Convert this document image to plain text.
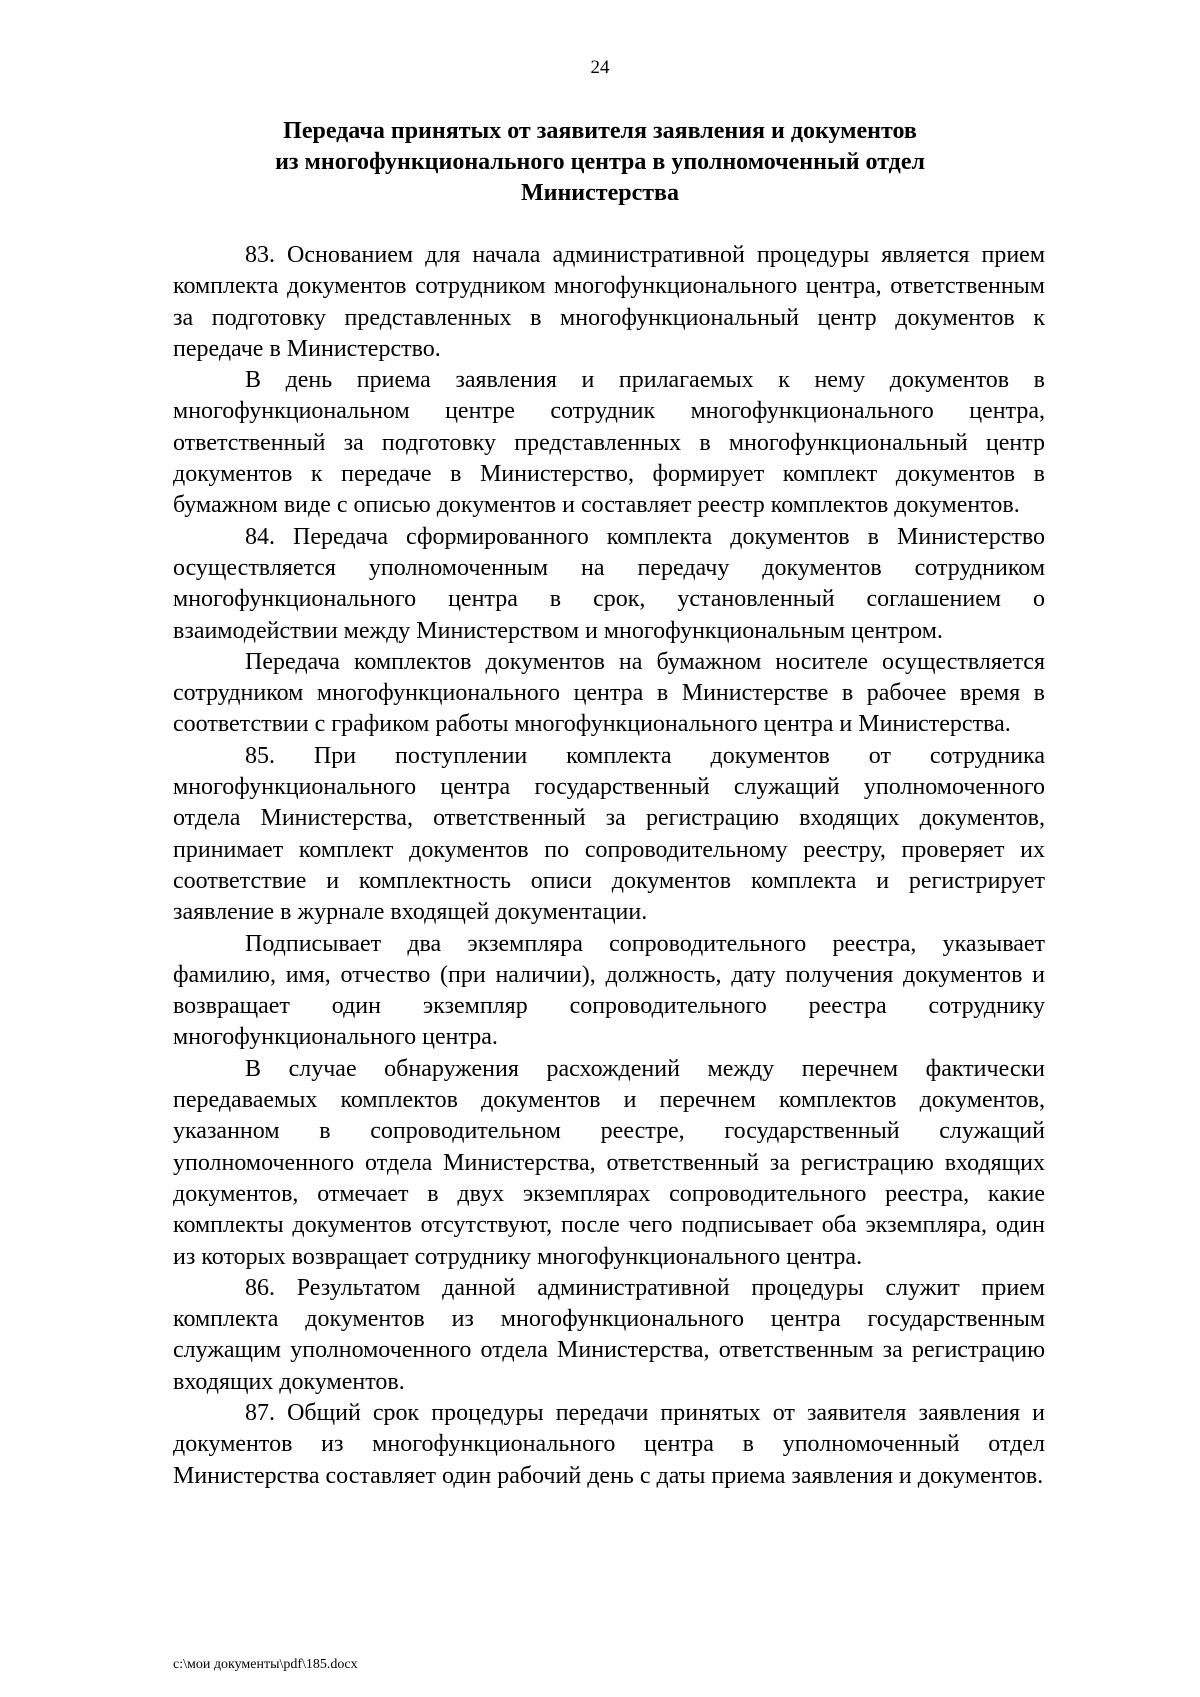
24
Передача принятых от заявителя заявления и документов
из многофункционального центра в уполномоченный отдел
Министерства

83. Основанием для начала административной процедуры является прием комплекта документов сотрудником многофункционального центра, ответственным за подготовку представленных в многофункциональный центр документов к передаче в Министерство.

В день приема заявления и прилагаемых к нему документов в многофункциональном центре сотрудник многофункционального центра, ответственный за подготовку представленных в многофункциональный центр документов к передаче в Министерство, формирует комплект документов в бумажном виде с описью документов и составляет реестр комплектов документов.

84. Передача сформированного комплекта документов в Министерство осуществляется уполномоченным на передачу документов сотрудником многофункционального центра в срок, установленный соглашением о взаимодействии между Министерством и многофункциональным центром.

Передача комплектов документов на бумажном носителе осуществляется сотрудником многофункционального центра в Министерстве в рабочее время в соответствии с графиком работы многофункционального центра и Министерства.

85. При поступлении комплекта документов от сотрудника многофункционального центра государственный служащий уполномоченного отдела Министерства, ответственный за регистрацию входящих документов, принимает комплект документов по сопроводительному реестру, проверяет их соответствие и комплектность описи документов комплекта и регистрирует заявление в журнале входящей документации.

Подписывает два экземпляра сопроводительного реестра, указывает фамилию, имя, отчество (при наличии), должность, дату получения документов и возвращает один экземпляр сопроводительного реестра сотруднику многофункционального центра.

В случае обнаружения расхождений между перечнем фактически передаваемых комплектов документов и перечнем комплектов документов, указанном в сопроводительном реестре, государственный служащий уполномоченного отдела Министерства, ответственный за регистрацию входящих документов, отмечает в двух экземплярах сопроводительного реестра, какие комплекты документов отсутствуют, после чего подписывает оба экземпляра, один из которых возвращает сотруднику многофункционального центра.

86. Результатом данной административной процедуры служит прием комплекта документов из многофункционального центра государственным служащим уполномоченного отдела Министерства, ответственным за регистрацию входящих документов.

87. Общий срок процедуры передачи принятых от заявителя заявления и документов из многофункционального центра в уполномоченный отдел Министерства составляет один рабочий день с даты приема заявления и документов.

c:\мои документы\pdf\185.docx
